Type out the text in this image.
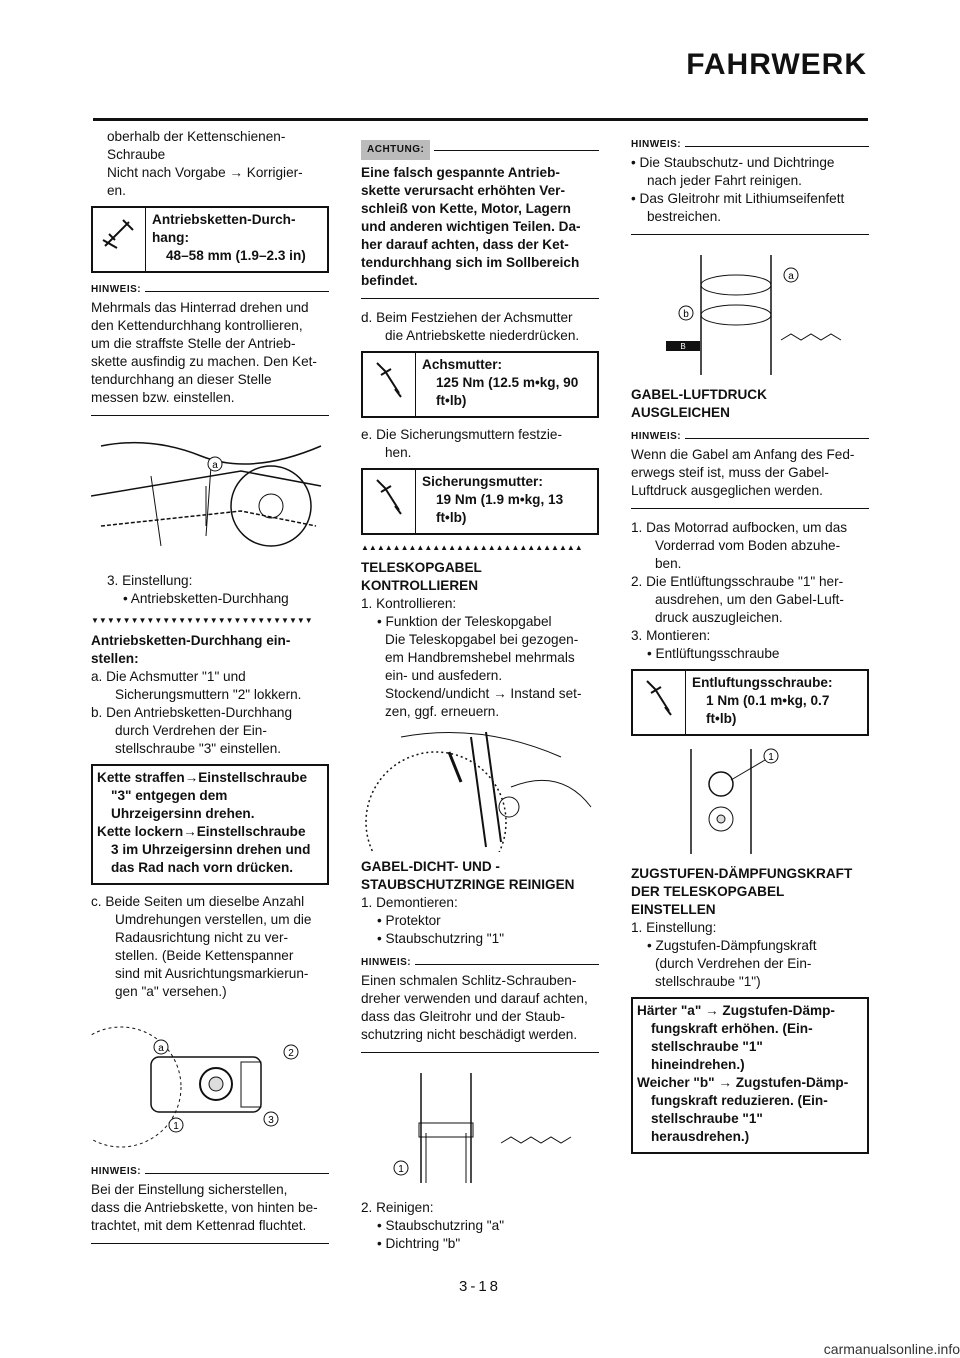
FAHRWERK

oberhalb der Kettenschienen-

Schraube

Nicht nach Vorgabe → Korrigier-

en.

Antriebsketten-Durch-

hang:

48–58 mm (1.9–2.3 in)

HINWEIS:

Mehrmals das Hinterrad drehen und

den Kettendurchhang kontrollieren,

um die straffste Stelle der Antrieb-

skette ausfindig zu machen. Den Ket-

tendurchhang an dieser Stelle

messen bzw. einstellen.

a

3. Einstellung:

• Antriebsketten-Durchhang

▼▼▼▼▼▼▼▼▼▼▼▼▼▼▼▼▼▼▼▼▼▼▼▼▼▼▼▼

Antriebsketten-Durchhang ein-

stellen:

a. Die Achsmutter "1" und

Sicherungsmuttern "2" lokkern.

b. Den Antriebsketten-Durchhang

durch Verdrehen der Ein-

stellschraube "3" einstellen.

Kette straffen→Einstellschraube

"3" entgegen dem

Uhrzeigersinn drehen.

Kette lockern→Einstellschraube

3 im Uhrzeigersinn drehen und

das Rad nach vorn drücken.

c. Beide Seiten um dieselbe Anzahl

Umdrehungen verstellen, um die

Radausrichtung nicht zu ver-

stellen. (Beide Kettenspanner

sind mit Ausrichtungsmarkierun-

gen "a" versehen.)

a	2
1
3
HINWEIS:

Bei der Einstellung sicherstellen,

dass die Antriebskette, von hinten be-

trachtet, mit dem Kettenrad fluchtet.

ACHTUNG:

Eine falsch gespannte Antrieb-

skette verursacht erhöhten Ver-

schleiß von Kette, Motor, Lagern

und anderen wichtigen Teilen. Da-

her darauf achten, dass der Ket-

tendurchhang sich im Sollbereich

befindet.

d. Beim Festziehen der Achsmutter

die Antriebskette niederdrücken.

Achsmutter:

125 Nm (12.5 m•kg, 90

ft•lb)

e. Die Sicherungsmuttern festzie-

hen.

Sicherungsmutter:

19 Nm (1.9 m•kg, 13

ft•lb)

▲▲▲▲▲▲▲▲▲▲▲▲▲▲▲▲▲▲▲▲▲▲▲▲▲▲▲▲

TELESKOPGABEL

KONTROLLIEREN

1. Kontrollieren:

• Funktion der Teleskopgabel

Die Teleskopgabel bei gezogen-

em Handbremshebel mehrmals

ein- und ausfedern.

Stockend/undicht → Instand set-

zen, ggf. erneuern.

GABEL-DICHT- UND -

STAUBSCHUTZRINGE REINIGEN

1. Demontieren:

• Protektor

• Staubschutzring "1"

HINWEIS:

Einen schmalen Schlitz-Schrauben-

dreher verwenden und darauf achten,

dass das Gleitrohr und der Staub-

schutzring nicht beschädigt werden.

1

2. Reinigen:

• Staubschutzring "a"

• Dichtring "b"

HINWEIS:

• Die Staubschutz- und Dichtringe

nach jeder Fahrt reinigen.

• Das Gleitrohr mit Lithiumseifenfett

bestreichen.

a
b
B

GABEL-LUFTDRUCK

AUSGLEICHEN

HINWEIS:

Wenn die Gabel am Anfang des Fed-

erwegs steif ist, muss der Gabel-

Luftdruck ausgeglichen werden.

1. Das Motorrad aufbocken, um das

Vorderrad vom Boden abzuhe-

ben.

2. Die Entlüftungsschraube "1" her-

ausdrehen, um den Gabel-Luft-

druck auszugleichen.

3. Montieren:

• Entlüftungsschraube

Entluftungsschraube:

1 Nm (0.1 m•kg, 0.7

ft•lb)

1

ZUGSTUFEN-DÄMPFUNGSKRAFT

DER TELESKOPGABEL

EINSTELLEN

1. Einstellung:

• Zugstufen-Dämpfungskraft

(durch Verdrehen der Ein-

stellschraube "1")

Härter "a" → Zugstufen-Dämp-

fungskraft erhöhen. (Ein-

stellschraube "1"

hineindrehen.)

Weicher "b" → Zugstufen-Dämp-

fungskraft reduzieren. (Ein-

stellschraube "1"

herausdrehen.)

3-18
carmanualsonline.info
